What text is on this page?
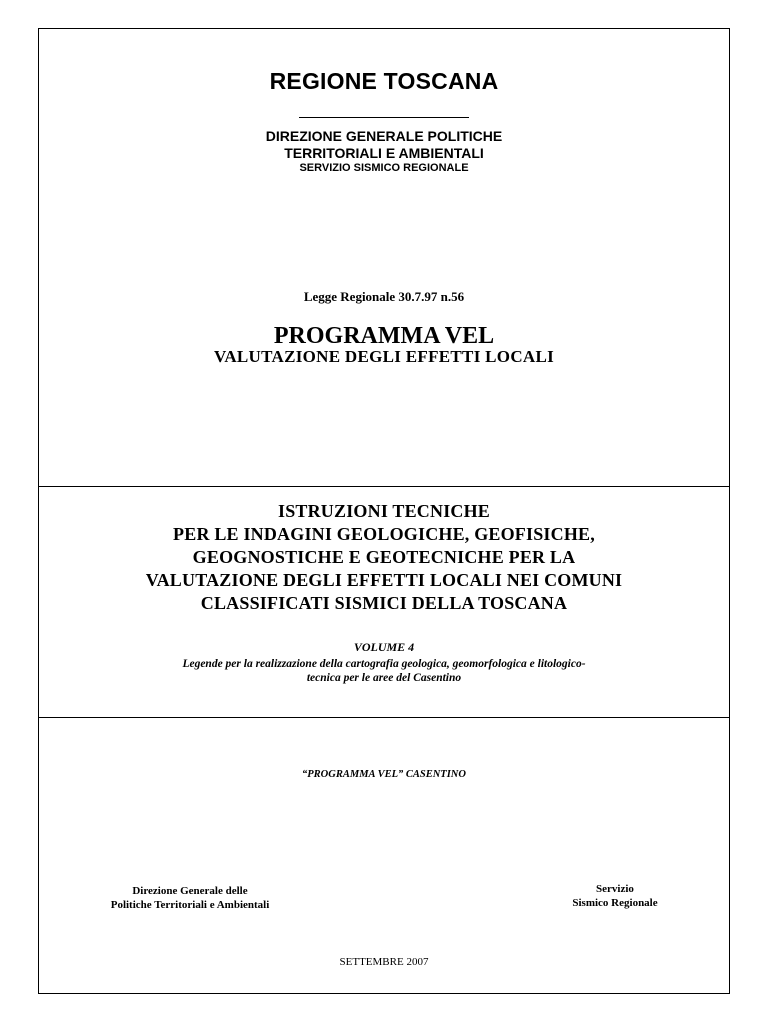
REGIONE TOSCANA
DIREZIONE GENERALE POLITICHE
TERRITORIALI E AMBIENTALI
SERVIZIO SISMICO REGIONALE
Legge Regionale 30.7.97 n.56
PROGRAMMA VEL
VALUTAZIONE DEGLI EFFETTI LOCALI
ISTRUZIONI TECNICHE
PER LE INDAGINI GEOLOGICHE, GEOFISICHE,
GEOGNOSTICHE E GEOTECNICHE PER LA
VALUTAZIONE DEGLI EFFETTI LOCALI NEI COMUNI
CLASSIFICATI SISMICI DELLA TOSCANA
VOLUME 4
Legende per la realizzazione della cartografia geologica, geomorfologica e litologico-
tecnica per le aree del Casentino
“PROGRAMMA VEL” CASENTINO
Direzione Generale delle
Politiche Territoriali e Ambientali
Servizio
Sismico Regionale
SETTEMBRE 2007
